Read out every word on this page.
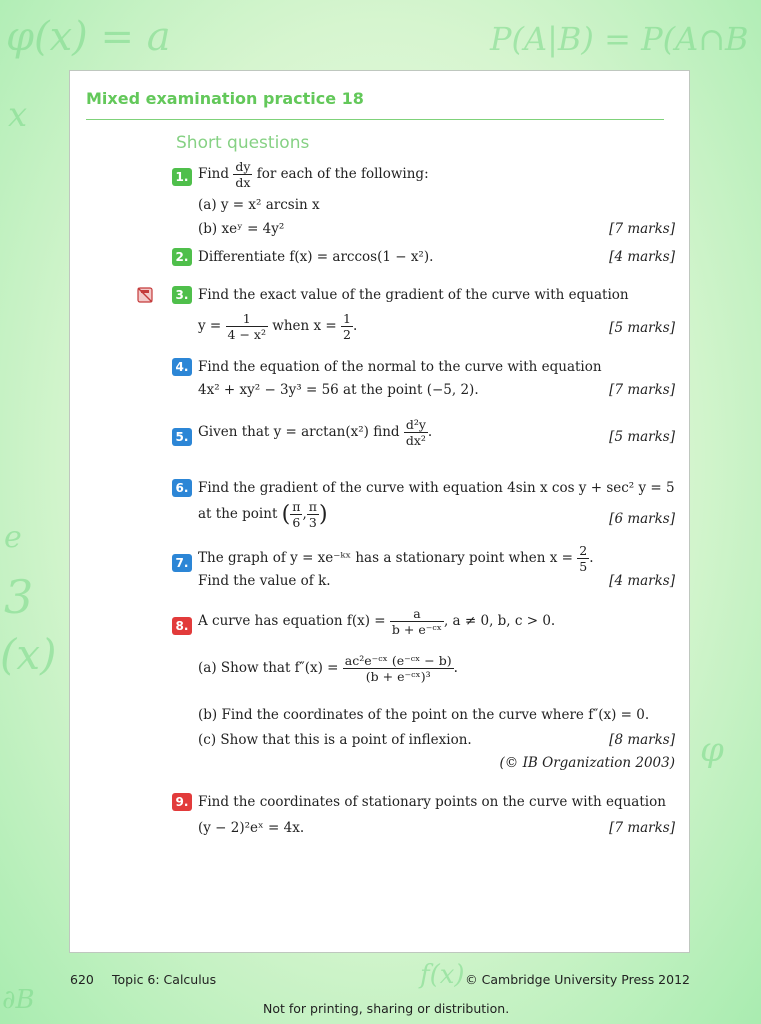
φ(x) = a	P(A|B) = P(A∩B
3
(x)
e
x
φ
∂B
f(x)
Mixed examination practice 18
Short questions
1. Find $\frac{dy}{dx}$ for each of the following:
(a) y = x² arcsin x
(b) xeʸ = 4y²	[7 marks]
2. Differentiate f(x) = arccos(1 − x²).	[4 marks]
3. Find the exact value of the gradient of the curve with equation
$y = \frac{1}{\text{4 − x²}}$ when $x = \frac{1}{2}$ .	[5 marks]
4. Find the equation of the normal to the curve with equation
4x² + xy² − 3y³ = 56 at the point (−5, 2).	[7 marks]
5. Given that y = arctan(x²) find $\frac{\text{d²y}}{\text{dx²}}$ .	[5 marks]
6. Find the gradient of the curve with equation 4sin x cos y + sec² y = 5
at the point ( $\frac{\pi}{6}$ , $\frac{\pi}{3}$ )	[6 marks]
7. The graph of y = xe⁻ᵏˣ has a stationary point when $x = \frac{2}{5}$ .
Find the value of k.	[4 marks]
8. A curve has equation $f(x) = \frac{a}{\text{b + e⁻ᶜˣ}}$ , a ≠ 0, b, c > 0.
(a) Show that $f''(x) = \frac{\text{ac²e⁻ᶜˣ (e⁻ᶜˣ − b)}}{\text{(b + e⁻ᶜˣ)³}}$ .
(b) Find the coordinates of the point on the curve where f″(x) = 0.
(c) Show that this is a point of inflexion.	[8 marks]
(© IB Organization 2003)
9. Find the coordinates of stationary points on the curve with equation
(y − 2)²eˣ = 4x.	[7 marks]
620 Topic 6: Calculus	© Cambridge University Press 2012
Not for printing, sharing or distribution.
